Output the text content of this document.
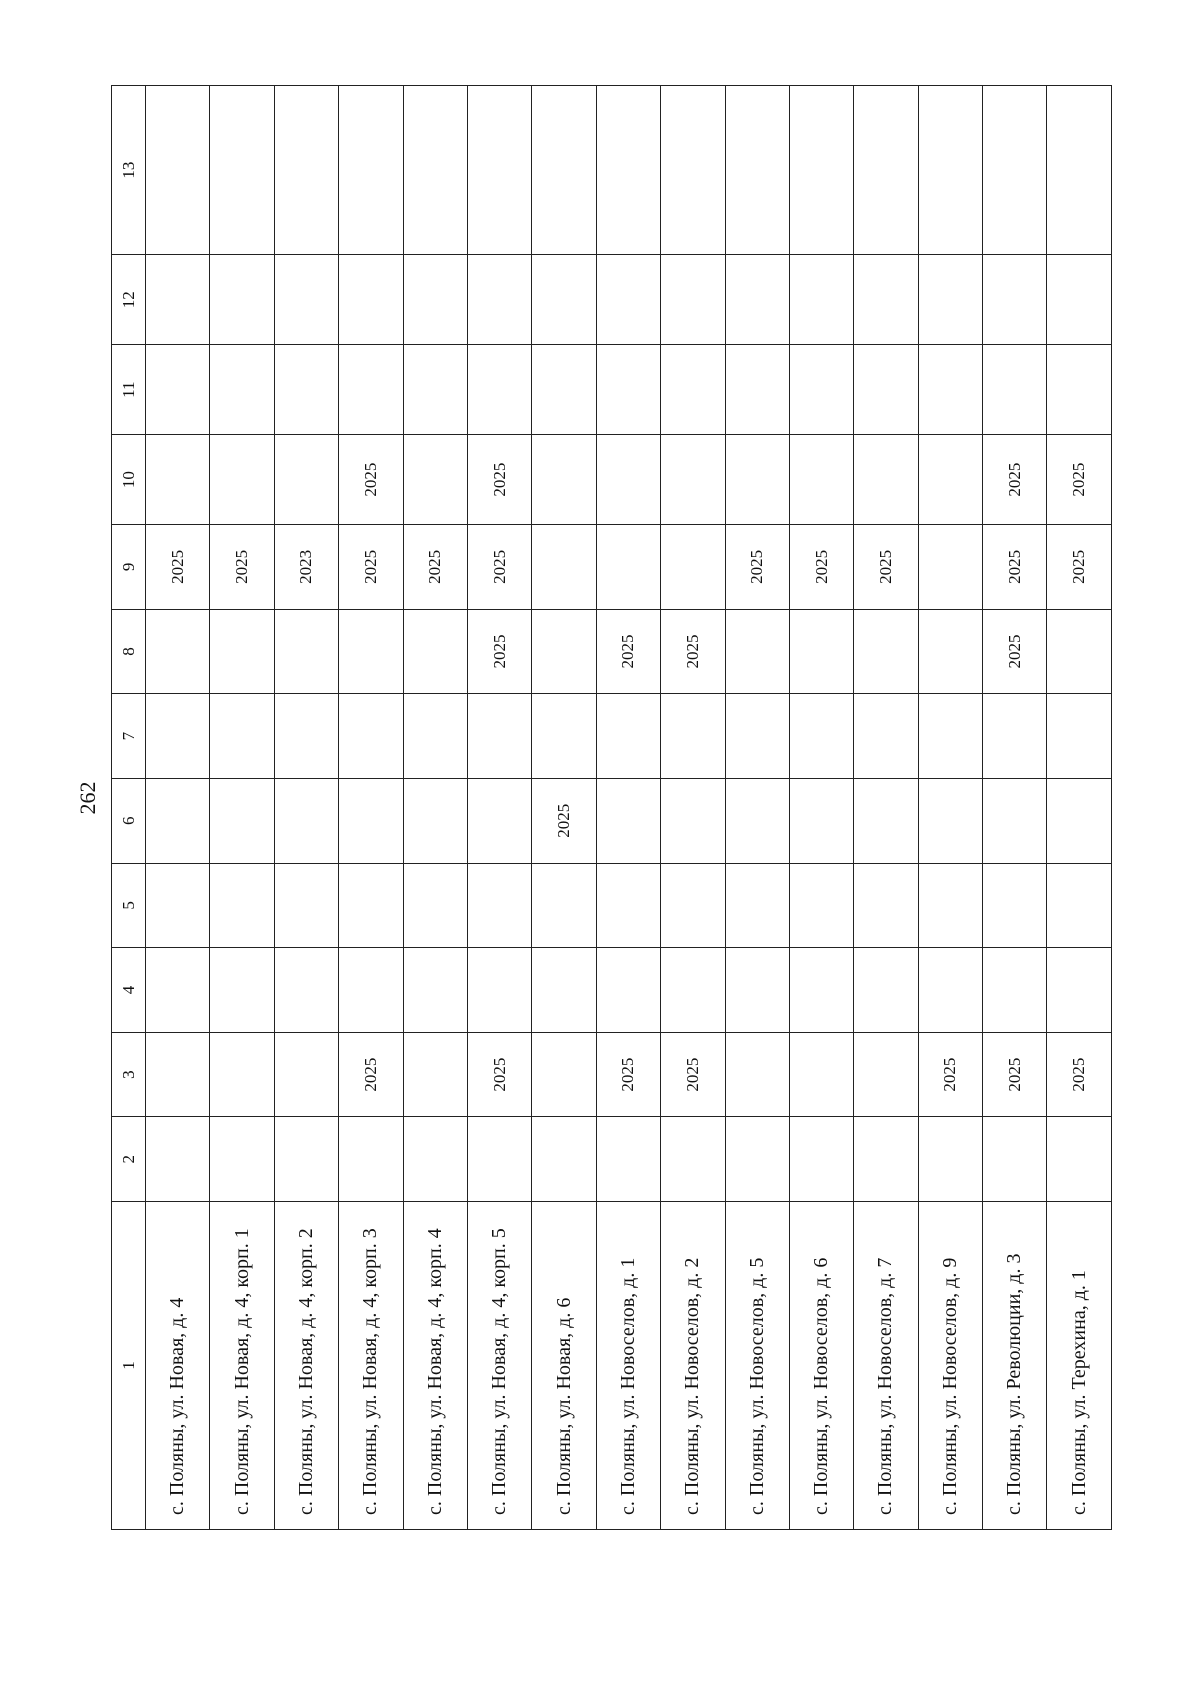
262
1	2	3	4	5	6	7	8	9	10	11	12	13
с. Поляны, ул. Новая, д. 4								2025				
с. Поляны, ул. Новая, д. 4, корп. 1								2025				
с. Поляны, ул. Новая, д. 4, корп. 2								2023				
с. Поляны, ул. Новая, д. 4, корп. 3		2025						2025	2025			
с. Поляны, ул. Новая, д. 4, корп. 4								2025				
с. Поляны, ул. Новая, д. 4, корп. 5		2025					2025	2025	2025			
с. Поляны, ул. Новая, д. 6					2025							
с. Поляны, ул. Новоселов, д. 1		2025					2025					
с. Поляны, ул. Новоселов, д. 2		2025					2025					
с. Поляны, ул. Новоселов, д. 5								2025				
с. Поляны, ул. Новоселов, д. 6								2025				
с. Поляны, ул. Новоселов, д. 7								2025				
с. Поляны, ул. Новоселов, д. 9		2025										
с. Поляны, ул. Революции, д. 3		2025					2025	2025	2025			
с. Поляны, ул. Терехина, д. 1		2025						2025	2025			
